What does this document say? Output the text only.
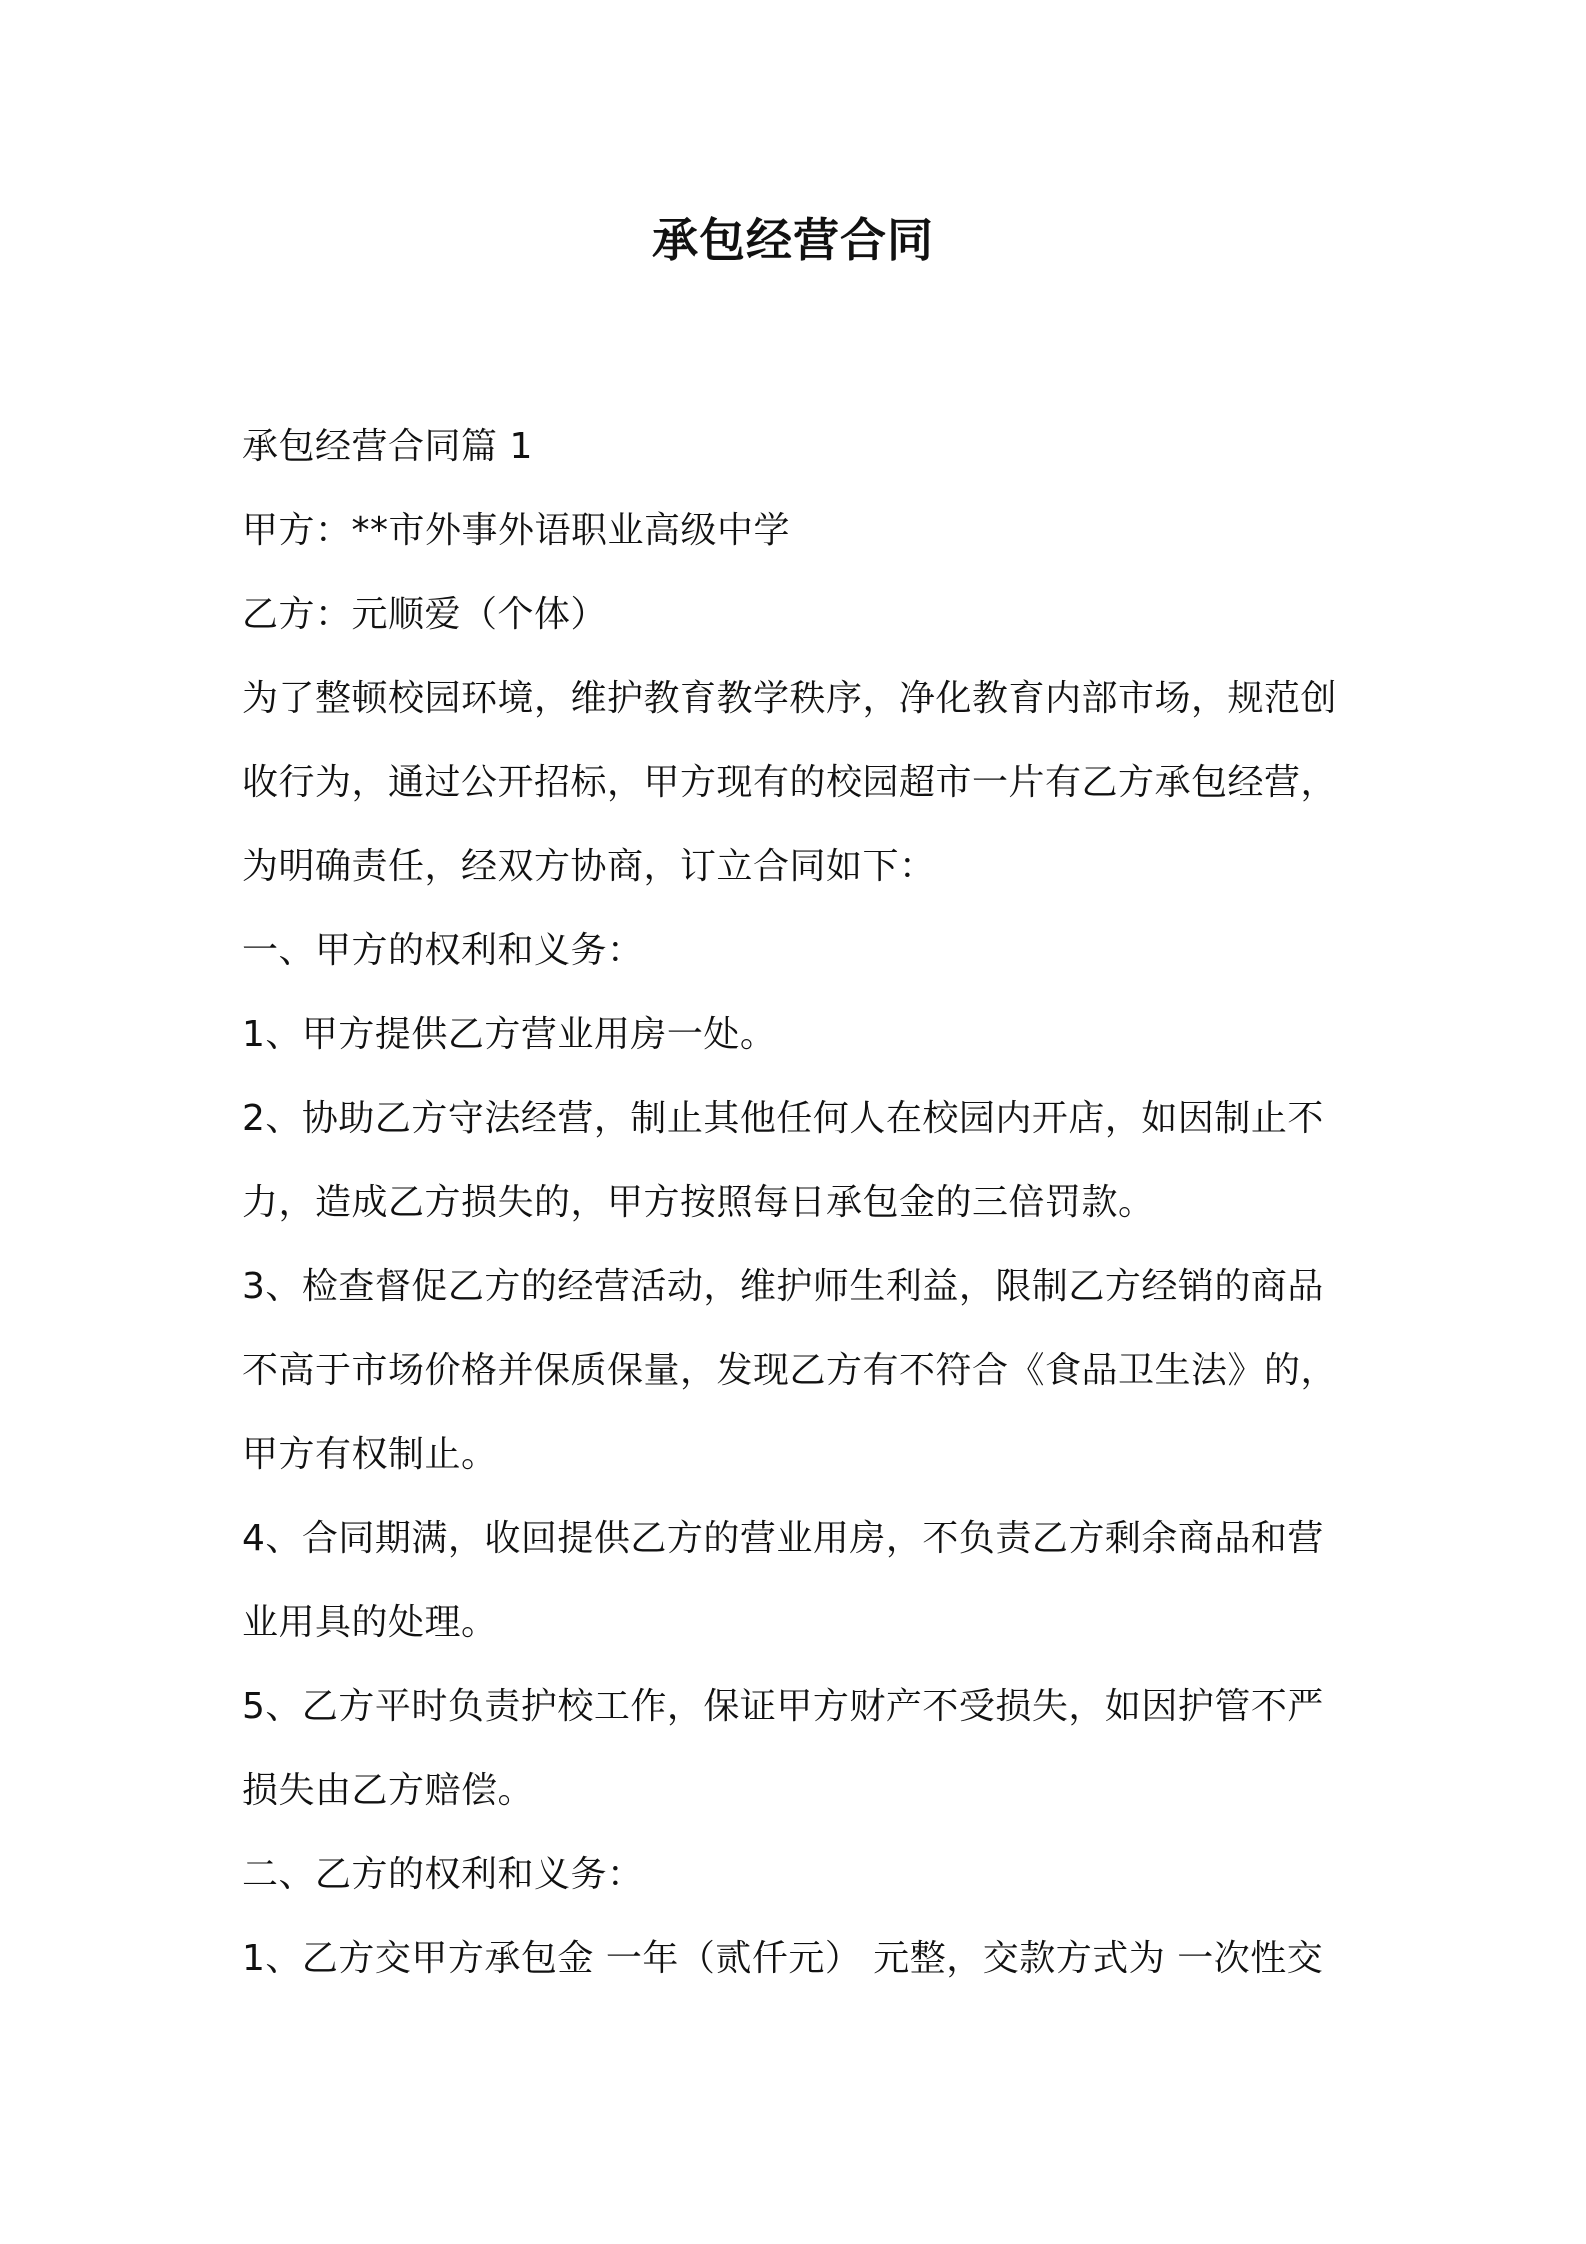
承包经营合同
承包经营合同篇 1
甲方：**市外事外语职业高级中学
乙方：元顺爱（个体）
为了整顿校园环境，维护教育教学秩序，净化教育内部市场，规范创
收行为，通过公开招标，甲方现有的校园超市一片有乙方承包经营，
为明确责任，经双方协商，订立合同如下：
一、甲方的权利和义务：
1、甲方提供乙方营业用房一处。
2、协助乙方守法经营，制止其他任何人在校园内开店，如因制止不
力，造成乙方损失的，甲方按照每日承包金的三倍罚款。
3、检查督促乙方的经营活动，维护师生利益，限制乙方经销的商品
不高于市场价格并保质保量，发现乙方有不符合《食品卫生法》的，
甲方有权制止。
4、合同期满，收回提供乙方的营业用房，不负责乙方剩余商品和营
业用具的处理。
5、乙方平时负责护校工作，保证甲方财产不受损失，如因护管不严
损失由乙方赔偿。
二、乙方的权利和义务：
1、乙方交甲方承包金 一年（贰仟元） 元整，交款方式为 一次性交
